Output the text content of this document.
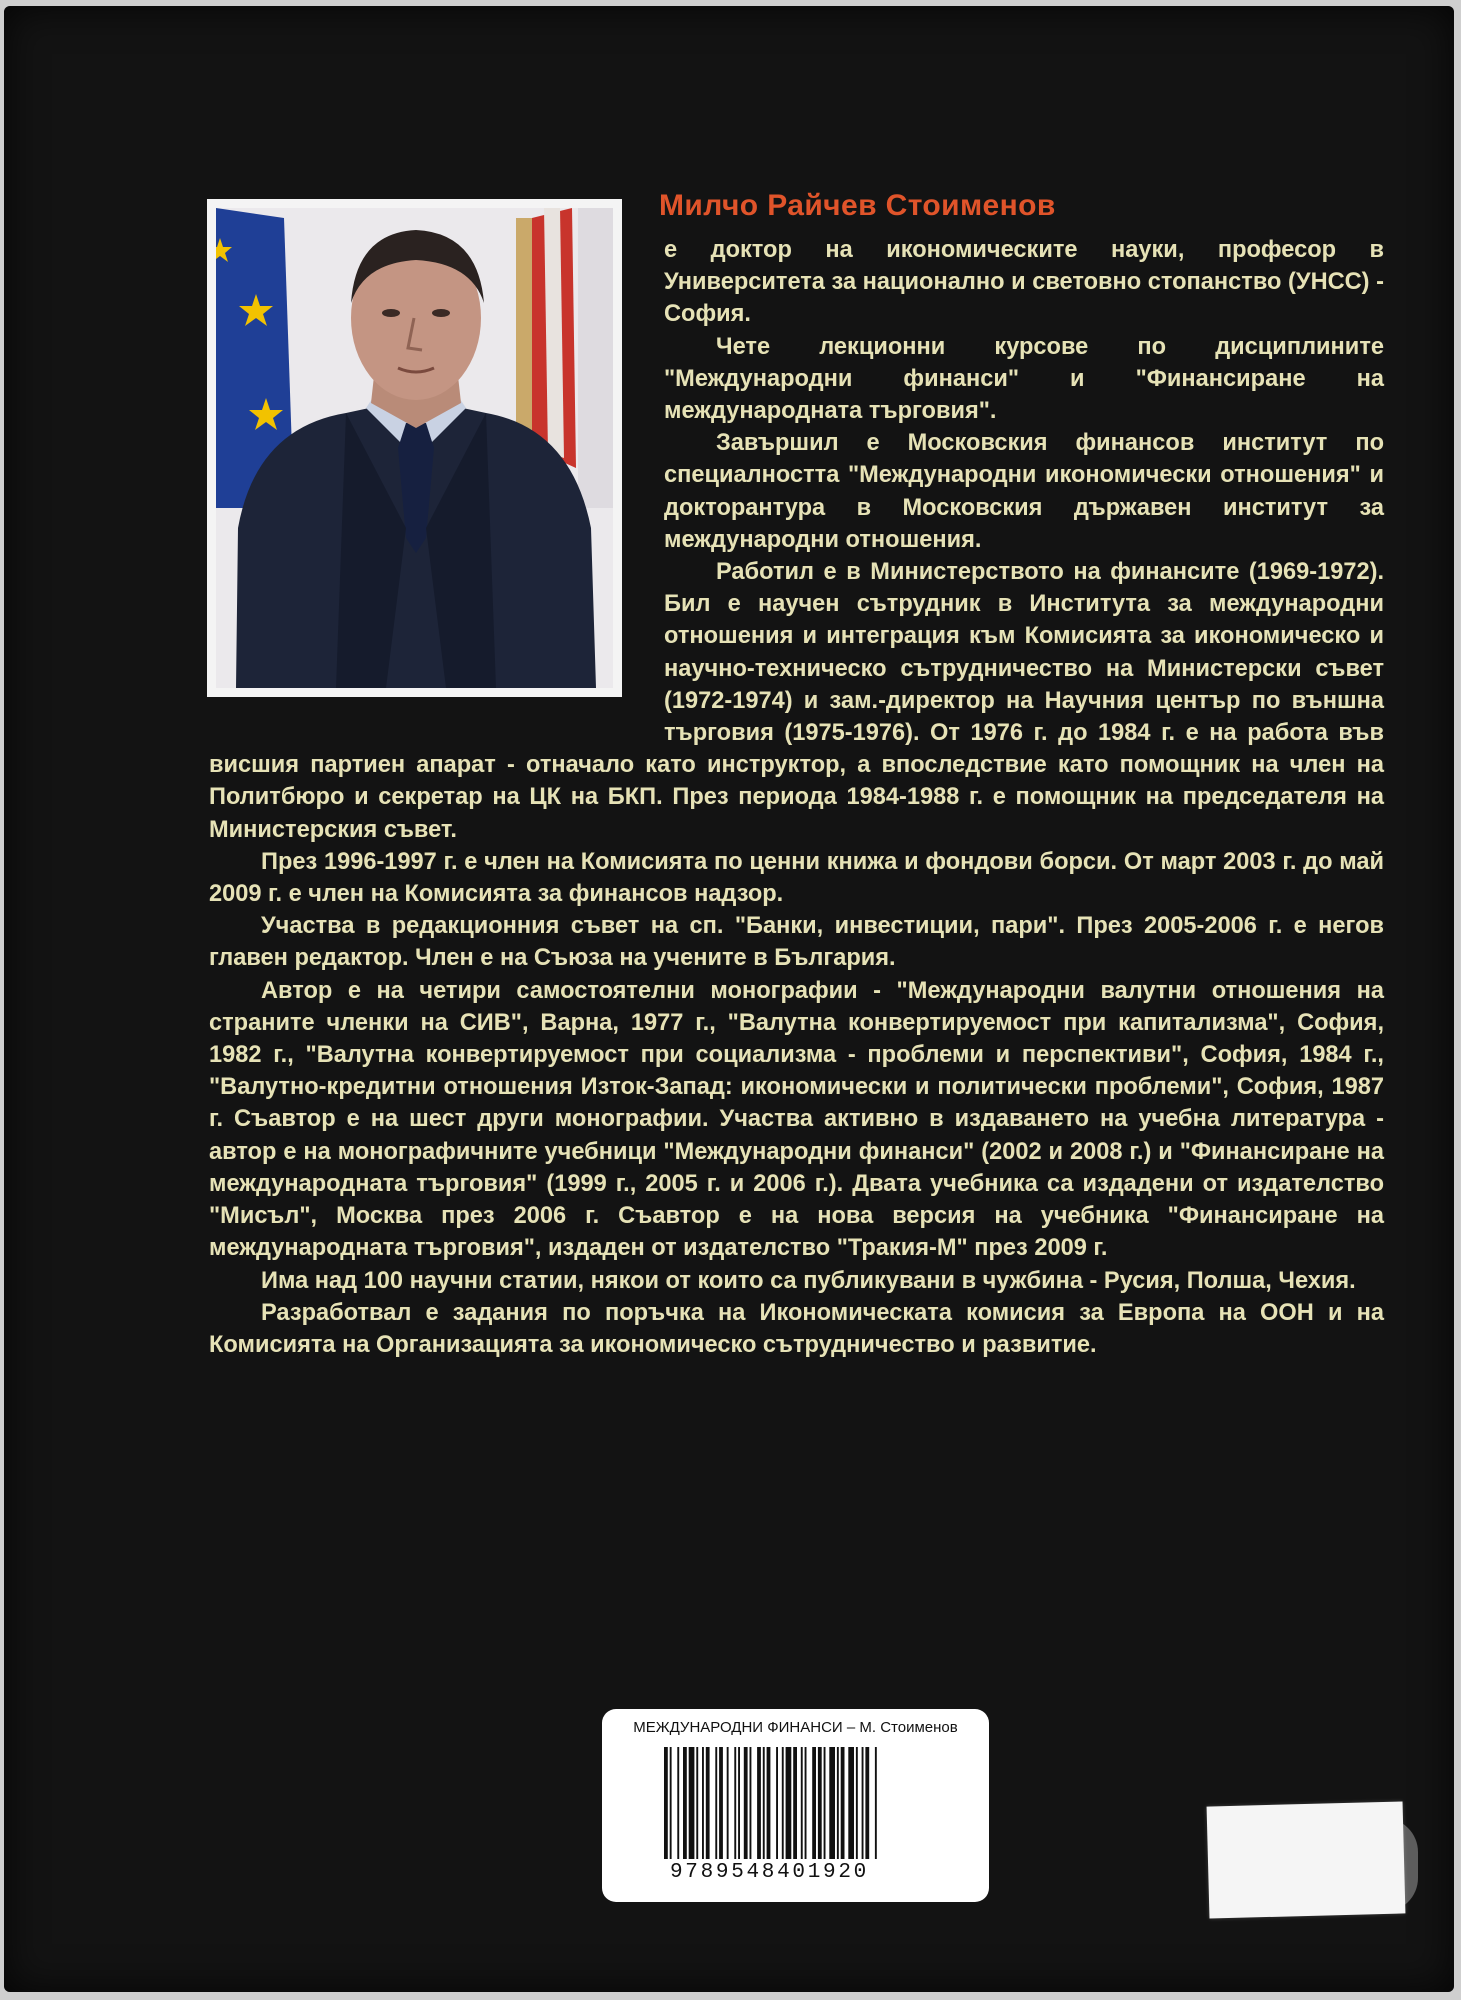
Милчо Райчев Стоименов

е доктор на икономическите науки, професор в Университета за национално и световно стопанство (УНСС) - София.

Чете лекционни курсове по дисциплините "Международни финанси" и "Финансиране на международната търговия".

Завършил е Московския финансов институт по специалността "Международни икономически отношения" и докторантура в Московския държавен институт за международни отношения.

Работил е в Министерството на финансите (1969-1972). Бил е научен сътрудник в Института за международни отношения и интеграция към Комисията за икономическо и научно-техническо сътрудничество на Министерски съвет (1972-1974) и зам.-директор на Научния център по външна търговия (1975-1976). От 1976 г. до 1984 г. е на работа във висшия партиен апарат - отначало като инструктор, а впоследствие като помощник на член на Политбюро и секретар на ЦК на БКП. През периода 1984-1988 г. е помощник на председателя на Министерския съвет.

През 1996-1997 г. е член на Комисията по ценни книжа и фондови борси. От март 2003 г. до май 2009 г. е член на Комисията за финансов надзор.

Участва в редакционния съвет на сп. "Банки, инвестиции, пари". През 2005-2006 г. е негов главен редактор. Член е на Съюза на учените в България.

Автор е на четири самостоятелни монографии - "Международни валутни отношения на страните членки на СИВ", Варна, 1977 г., "Валутна конвертируемост при капитализма", София, 1982 г., "Валутна конвертируемост при социализма - проблеми и перспективи", София, 1984 г., "Валутно-кредитни отношения Изток-Запад: икономически и политически проблеми", София, 1987 г. Съавтор е на шест други монографии. Участва активно в издаването на учебна литература - автор е на монографичните учебници "Международни финанси" (2002 и 2008 г.) и "Финансиране на международната търговия" (1999 г., 2005 г. и 2006 г.). Двата учебника са издадени от издателство "Мисъл", Москва през 2006 г. Съавтор е на нова версия на учебника "Финансиране на международната търговия", издаден от издателство "Тракия-М" през 2009 г.

Има над 100 научни статии, някои от които са публикувани в чужбина - Русия, Полша, Чехия.

Разработвал е задания по поръчка на Икономическата комисия за Европа на ООН и на Комисията на Организацията за икономическо сътрудничество и развитие.

МЕЖДУНАРОДНИ ФИНАНСИ – М. Стоименов
9789548401920
